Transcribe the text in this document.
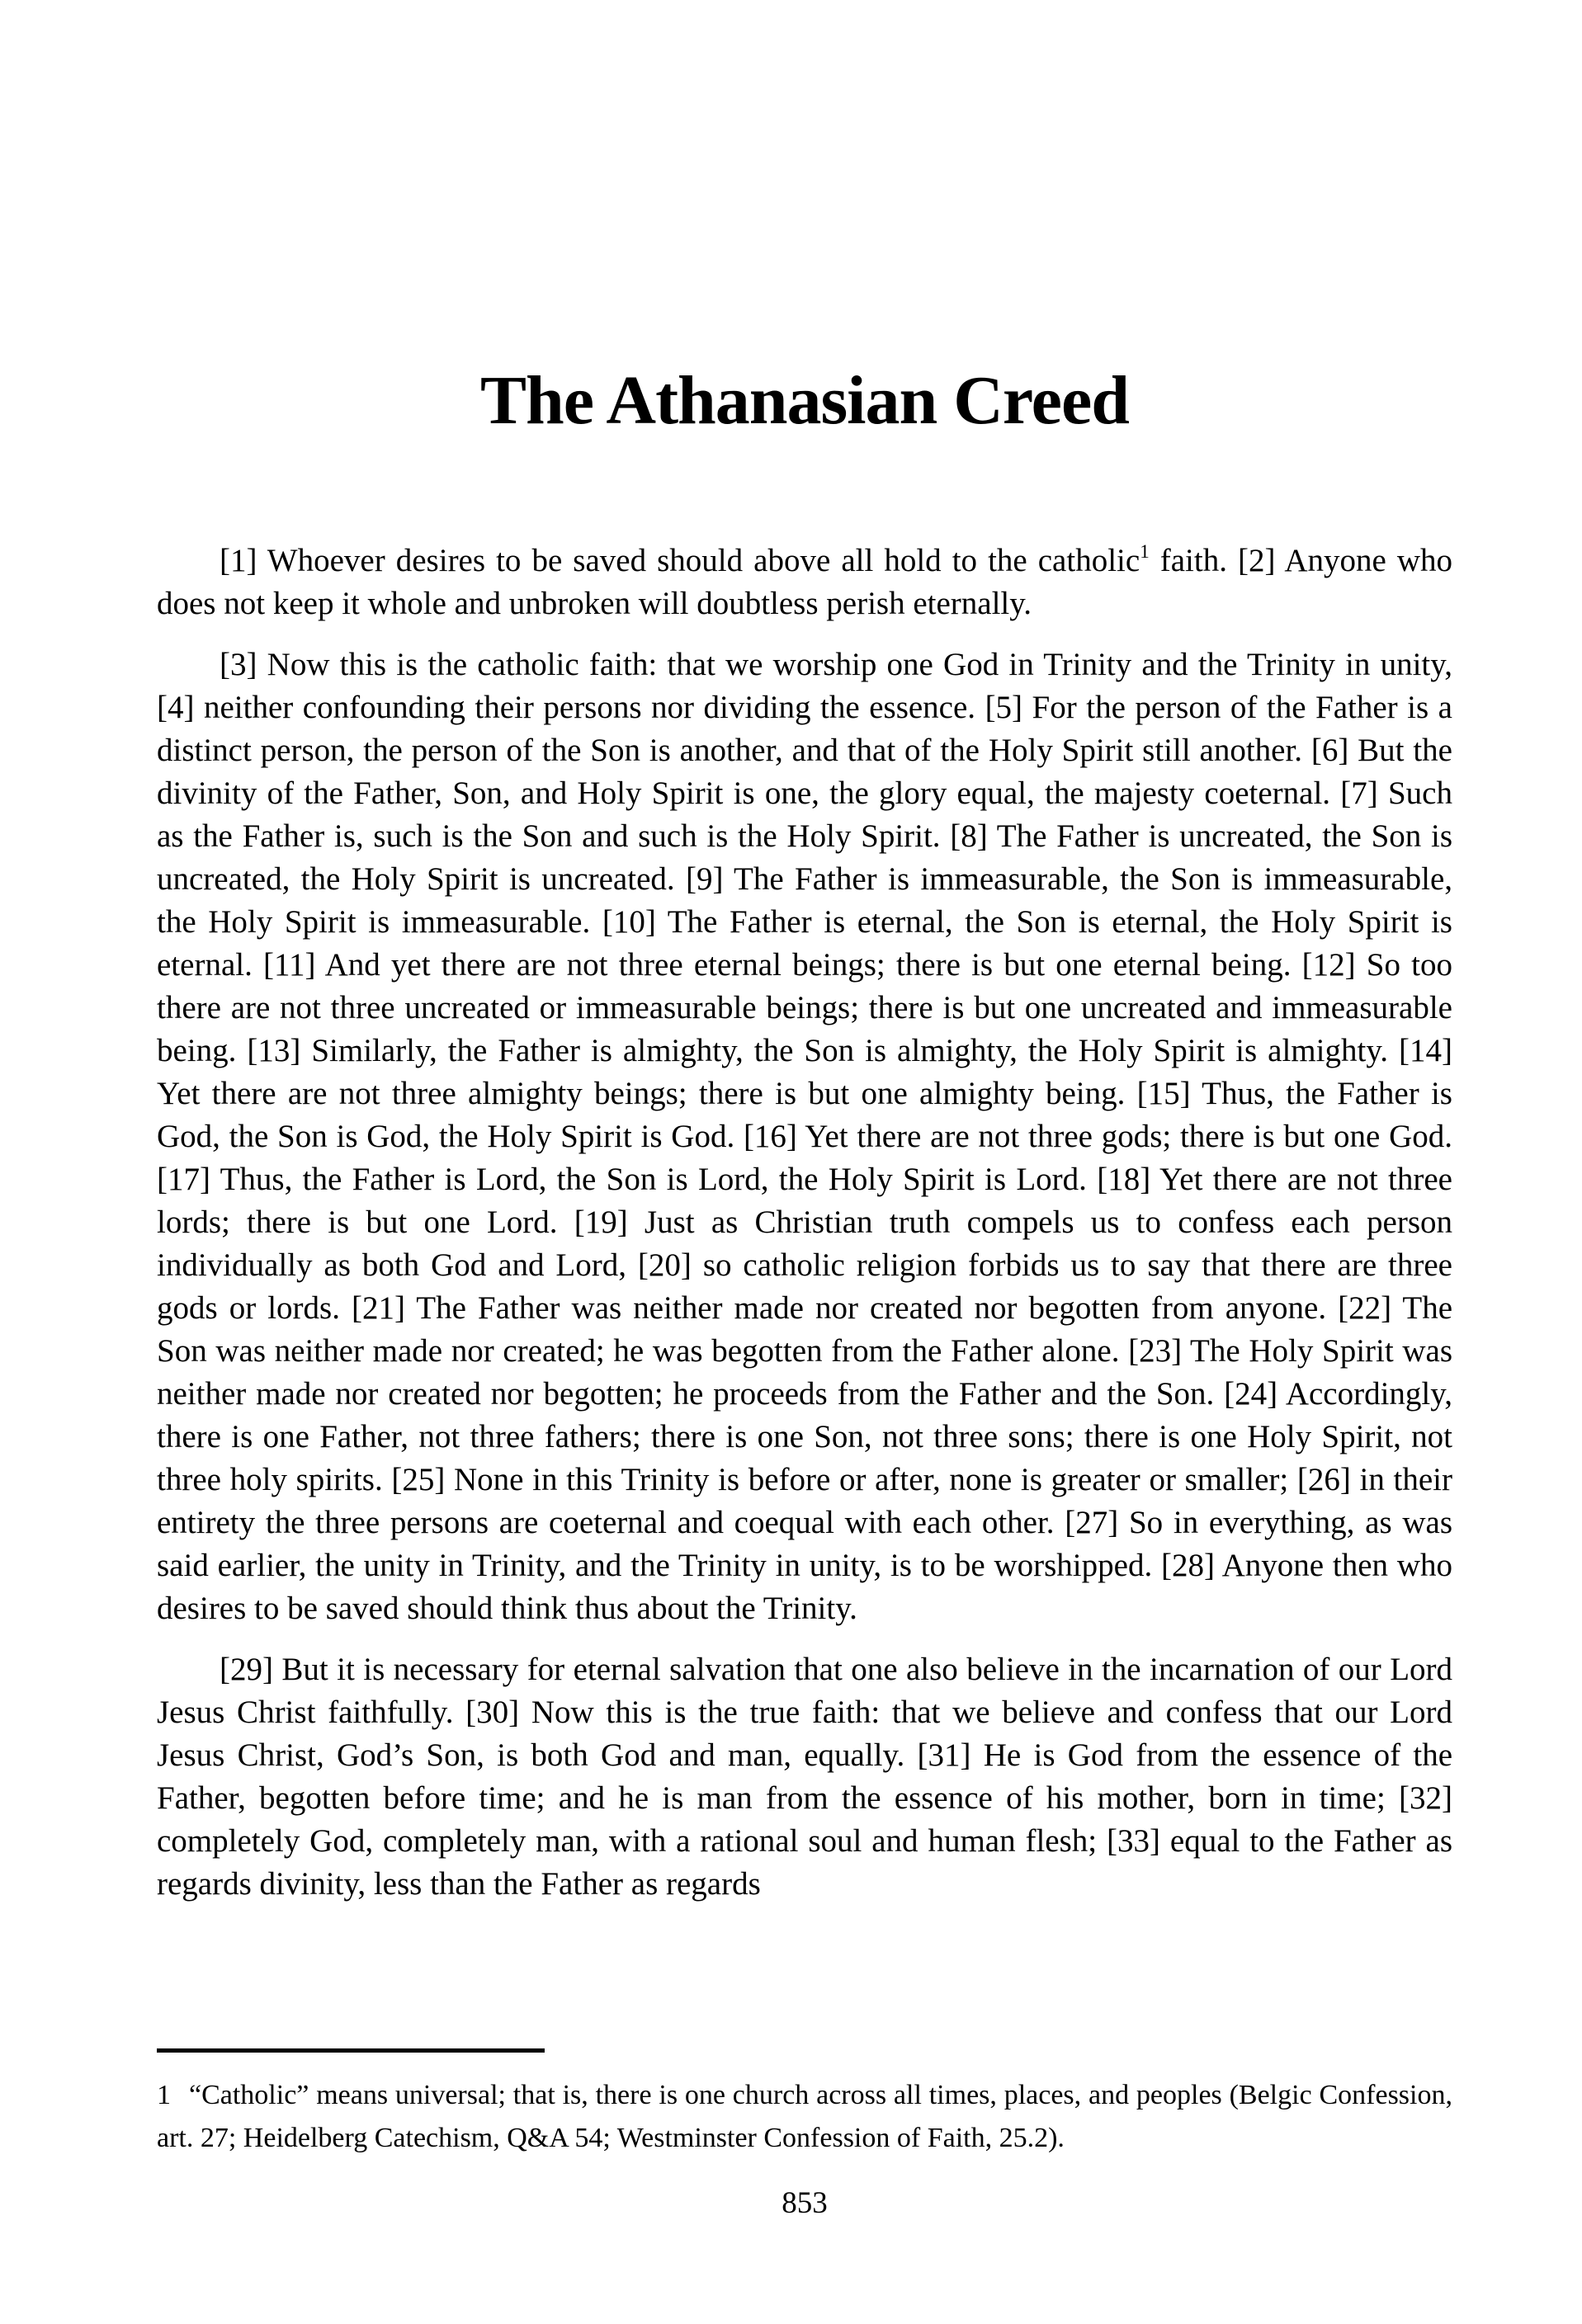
The Athanasian Creed

[1] Whoever desires to be saved should above all hold to the catholic$^1$ faith. [2] Anyone who does not keep it whole and unbroken will doubtless perish eternally.

[3] Now this is the catholic faith: that we worship one God in Trinity and the Trinity in unity, [4] neither confounding their persons nor dividing the essence. [5] For the person of the Father is a distinct person, the person of the Son is another, and that of the Holy Spirit still another. [6] But the divinity of the Father, Son, and Holy Spirit is one, the glory equal, the majesty coeternal. [7] Such as the Father is, such is the Son and such is the Holy Spirit. [8] The Father is uncreated, the Son is uncreated, the Holy Spirit is uncreated. [9] The Father is immeasurable, the Son is immeasurable, the Holy Spirit is immeasurable. [10] The Father is eternal, the Son is eternal, the Holy Spirit is eternal. [11] And yet there are not three eternal beings; there is but one eternal being. [12] So too there are not three uncreated or immeasurable beings; there is but one uncreated and immeasurable being. [13] Similarly, the Father is almighty, the Son is almighty, the Holy Spirit is almighty. [14] Yet there are not three almighty beings; there is but one almighty being. [15] Thus, the Father is God, the Son is God, the Holy Spirit is God. [16] Yet there are not three gods; there is but one God. [17] Thus, the Father is Lord, the Son is Lord, the Holy Spirit is Lord. [18] Yet there are not three lords; there is but one Lord. [19] Just as Christian truth compels us to confess each person individually as both God and Lord, [20] so catholic religion forbids us to say that there are three gods or lords. [21] The Father was neither made nor created nor begotten from anyone. [22] The Son was neither made nor created; he was begotten from the Father alone. [23] The Holy Spirit was neither made nor created nor begotten; he proceeds from the Father and the Son. [24] Accordingly, there is one Father, not three fathers; there is one Son, not three sons; there is one Holy Spirit, not three holy spirits. [25] None in this Trinity is before or after, none is greater or smaller; [26] in their entirety the three persons are coeternal and coequal with each other. [27] So in everything, as was said earlier, the unity in Trinity, and the Trinity in unity, is to be worshipped. [28] Anyone then who desires to be saved should think thus about the Trinity.

[29] But it is necessary for eternal salvation that one also believe in the incarnation of our Lord Jesus Christ faithfully. [30] Now this is the true faith: that we believe and confess that our Lord Jesus Christ, God’s Son, is both God and man, equally. [31] He is God from the essence of the Father, begotten before time; and he is man from the essence of his mother, born in time; [32] completely God, completely man, with a rational soul and human flesh; [33] equal to the Father as regards divinity, less than the Father as regards

1 “Catholic” means universal; that is, there is one church across all times, places, and peoples (Belgic Confession, art. 27; Heidelberg Catechism, Q&A 54; Westminster Confession of Faith, 25.2).

853
